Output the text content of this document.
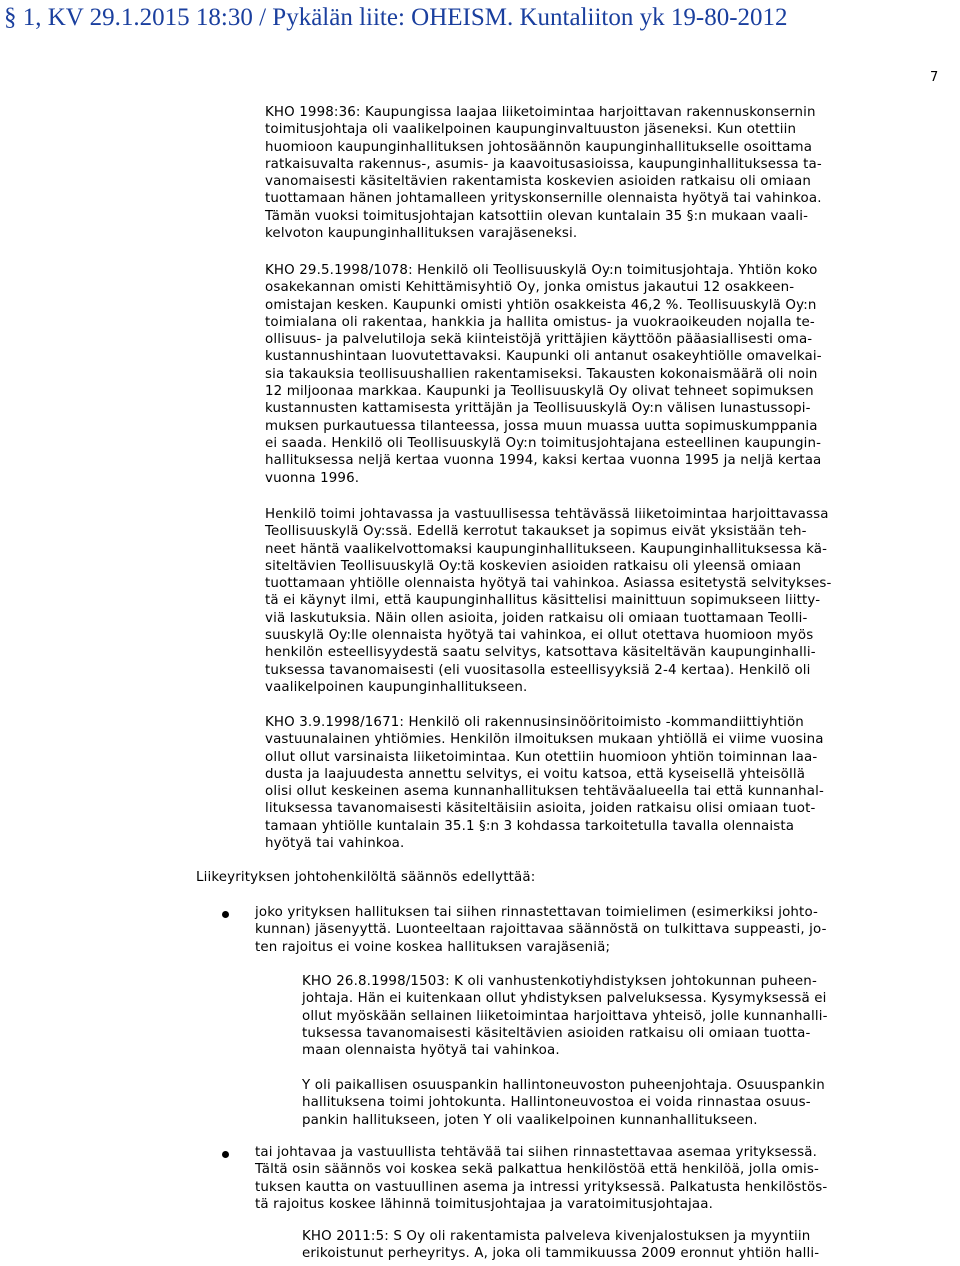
§ 1, KV 29.1.2015 18:30 / Pykälän liite: OHEISM. Kuntaliiton yk 19-80-2012
7
KHO 1998:36: Kaupungissa laajaa liiketoimintaa harjoittavan rakennuskonsernin
toimitusjohtaja oli vaalikelpoinen kaupunginvaltuuston jäseneksi. Kun otettiin
huomioon kaupunginhallituksen johtosäännön kaupunginhallitukselle osoittama
ratkaisuvalta rakennus-, asumis- ja kaavoitusasioissa, kaupunginhallituksessa ta-
vanomaisesti käsiteltävien rakentamista koskevien asioiden ratkaisu oli omiaan
tuottamaan hänen johtamalleen yrityskonsernille olennaista hyötyä tai vahinkoa.
Tämän vuoksi toimitusjohtajan katsottiin olevan kuntalain 35 §:n mukaan vaali-
kelvoton kaupunginhallituksen varajäseneksi.
KHO 29.5.1998/1078: Henkilö oli Teollisuuskylä Oy:n toimitusjohtaja. Yhtiön koko
osakekannan omisti Kehittämisyhtiö Oy, jonka omistus jakautui 12 osakkeen-
omistajan kesken. Kaupunki omisti yhtiön osakkeista 46,2 %. Teollisuuskylä Oy:n
toimialana oli rakentaa, hankkia ja hallita omistus- ja vuokraoikeuden nojalla te-
ollisuus- ja palvelutiloja sekä kiinteistöjä yrittäjien käyttöön pääasiallisesti oma-
kustannushintaan luovutettavaksi. Kaupunki oli antanut osakeyhtiölle omavelkai-
sia takauksia teollisuushallien rakentamiseksi. Takausten kokonaismäärä oli noin
12 miljoonaa markkaa. Kaupunki ja Teollisuuskylä Oy olivat tehneet sopimuksen
kustannusten kattamisesta yrittäjän ja Teollisuuskylä Oy:n välisen lunastussopi-
muksen purkautuessa tilanteessa, jossa muun muassa uutta sopimuskumppania
ei saada. Henkilö oli Teollisuuskylä Oy:n toimitusjohtajana esteellinen kaupungin-
hallituksessa neljä kertaa vuonna 1994, kaksi kertaa vuonna 1995 ja neljä kertaa
vuonna 1996.
Henkilö toimi johtavassa ja vastuullisessa tehtävässä liiketoimintaa harjoittavassa
Teollisuuskylä Oy:ssä. Edellä kerrotut takaukset ja sopimus eivät yksistään teh-
neet häntä vaalikelvottomaksi kaupunginhallitukseen. Kaupunginhallituksessa kä-
siteltävien Teollisuuskylä Oy:tä koskevien asioiden ratkaisu oli yleensä omiaan
tuottamaan yhtiölle olennaista hyötyä tai vahinkoa. Asiassa esitetystä selvitykses-
tä ei käynyt ilmi, että kaupunginhallitus käsittelisi mainittuun sopimukseen liitty-
viä laskutuksia. Näin ollen asioita, joiden ratkaisu oli omiaan tuottamaan Teolli-
suuskylä Oy:lle olennaista hyötyä tai vahinkoa, ei ollut otettava huomioon myös
henkilön esteellisyydestä saatu selvitys, katsottava käsiteltävän kaupunginhalli-
tuksessa tavanomaisesti (eli vuositasolla esteellisyyksiä 2-4 kertaa). Henkilö oli
vaalikelpoinen kaupunginhallitukseen.
KHO 3.9.1998/1671: Henkilö oli rakennusinsinööritoimisto -kommandiittiyhtiön
vastuunalainen yhtiömies. Henkilön ilmoituksen mukaan yhtiöllä ei viime vuosina
ollut ollut varsinaista liiketoimintaa. Kun otettiin huomioon yhtiön toiminnan laa-
dusta ja laajuudesta annettu selvitys, ei voitu katsoa, että kyseisellä yhteisöllä
olisi ollut keskeinen asema kunnanhallituksen tehtäväalueella tai että kunnanhal-
lituksessa tavanomaisesti käsiteltäisiin asioita, joiden ratkaisu olisi omiaan tuot-
tamaan yhtiölle kuntalain 35.1 §:n 3 kohdassa tarkoitetulla tavalla olennaista
hyötyä tai vahinkoa.
Liikeyrityksen johtohenkilöltä säännös edellyttää:
joko yrityksen hallituksen tai siihen rinnastettavan toimielimen (esimerkiksi johto-
kunnan) jäsenyyttä. Luonteeltaan rajoittavaa säännöstä on tulkittava suppeasti, jo-
ten rajoitus ei voine koskea hallituksen varajäseniä;
KHO 26.8.1998/1503: K oli vanhustenkotiyhdistyksen johtokunnan puheen-
johtaja. Hän ei kuitenkaan ollut yhdistyksen palveluksessa. Kysymyksessä ei
ollut myöskään sellainen liiketoimintaa harjoittava yhteisö, jolle kunnanhalli-
tuksessa tavanomaisesti käsiteltävien asioiden ratkaisu oli omiaan tuotta-
maan olennaista hyötyä tai vahinkoa.
Y oli paikallisen osuuspankin hallintoneuvoston puheenjohtaja. Osuuspankin
hallituksena toimi johtokunta. Hallintoneuvostoa ei voida rinnastaa osuus-
pankin hallitukseen, joten Y oli vaalikelpoinen kunnanhallitukseen.
tai johtavaa ja vastuullista tehtävää tai siihen rinnastettavaa asemaa yrityksessä.
Tältä osin säännös voi koskea sekä palkattua henkilöstöä että henkilöä, jolla omis-
tuksen kautta on vastuullinen asema ja intressi yrityksessä. Palkatusta henkilöstös-
tä rajoitus koskee lähinnä toimitusjohtajaa ja varatoimitusjohtajaa.
KHO 2011:5: S Oy oli rakentamista palveleva kivenjalostuksen ja myyntiin
erikoistunut perheyritys. A, joka oli tammikuussa 2009 eronnut yhtiön halli-
